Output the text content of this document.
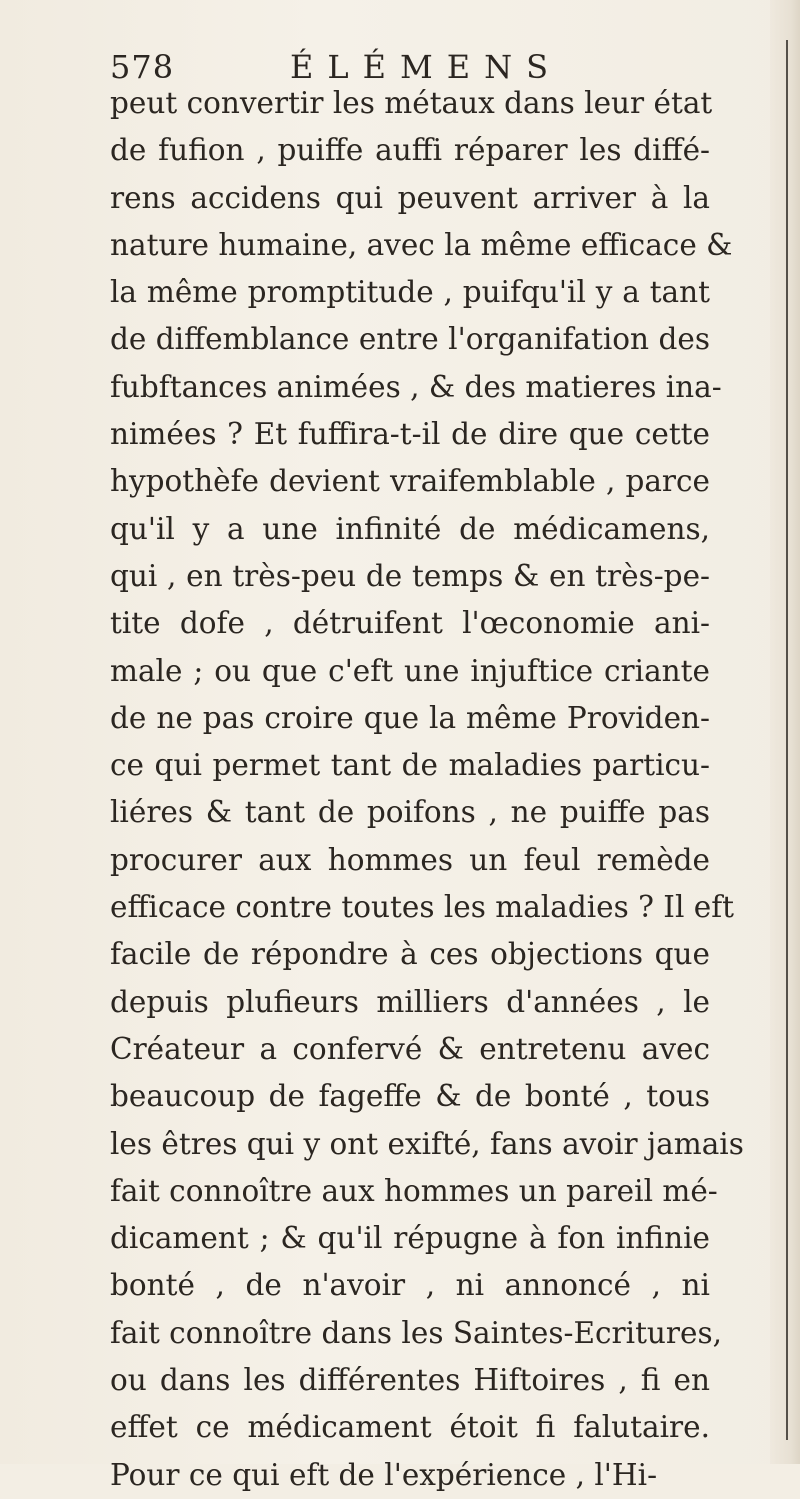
578	ÉLÉMENS
peut convertir les métaux dans leur état
de fufion , puiffe auffi réparer les diffé-
rens accidens qui peuvent arriver à la
nature humaine, avec la même efficace &
la même promptitude , puifqu'il y a tant
de diffemblance entre l'organifation des
fubftances animées , & des matieres ina-
nimées ? Et fuffira-t-il de dire que cette
hypothèfe devient vraifemblable , parce
qu'il y a une infinité de médicamens,
qui , en très-peu de temps & en très-pe-
tite dofe , détruifent l'œconomie ani-
male ; ou que c'eft une injuftice criante
de ne pas croire que la même Providen-
ce qui permet tant de maladies particu-
liéres & tant de poifons , ne puiffe pas
procurer aux hommes un feul remède
efficace contre toutes les maladies ? Il eft
facile de répondre à ces objections que
depuis plufieurs milliers d'années , le
Créateur a confervé & entretenu avec
beaucoup de fageffe & de bonté , tous
les êtres qui y ont exifté, fans avoir jamais
fait connoître aux hommes un pareil mé-
dicament ; & qu'il répugne à fon infinie
bonté , de n'avoir , ni annoncé , ni
fait connoître dans les Saintes-Ecritures,
ou dans les différentes Hiftoires , fi en
effet ce médicament étoit fi falutaire.
Pour ce qui eft de l'expérience , l'Hi-
